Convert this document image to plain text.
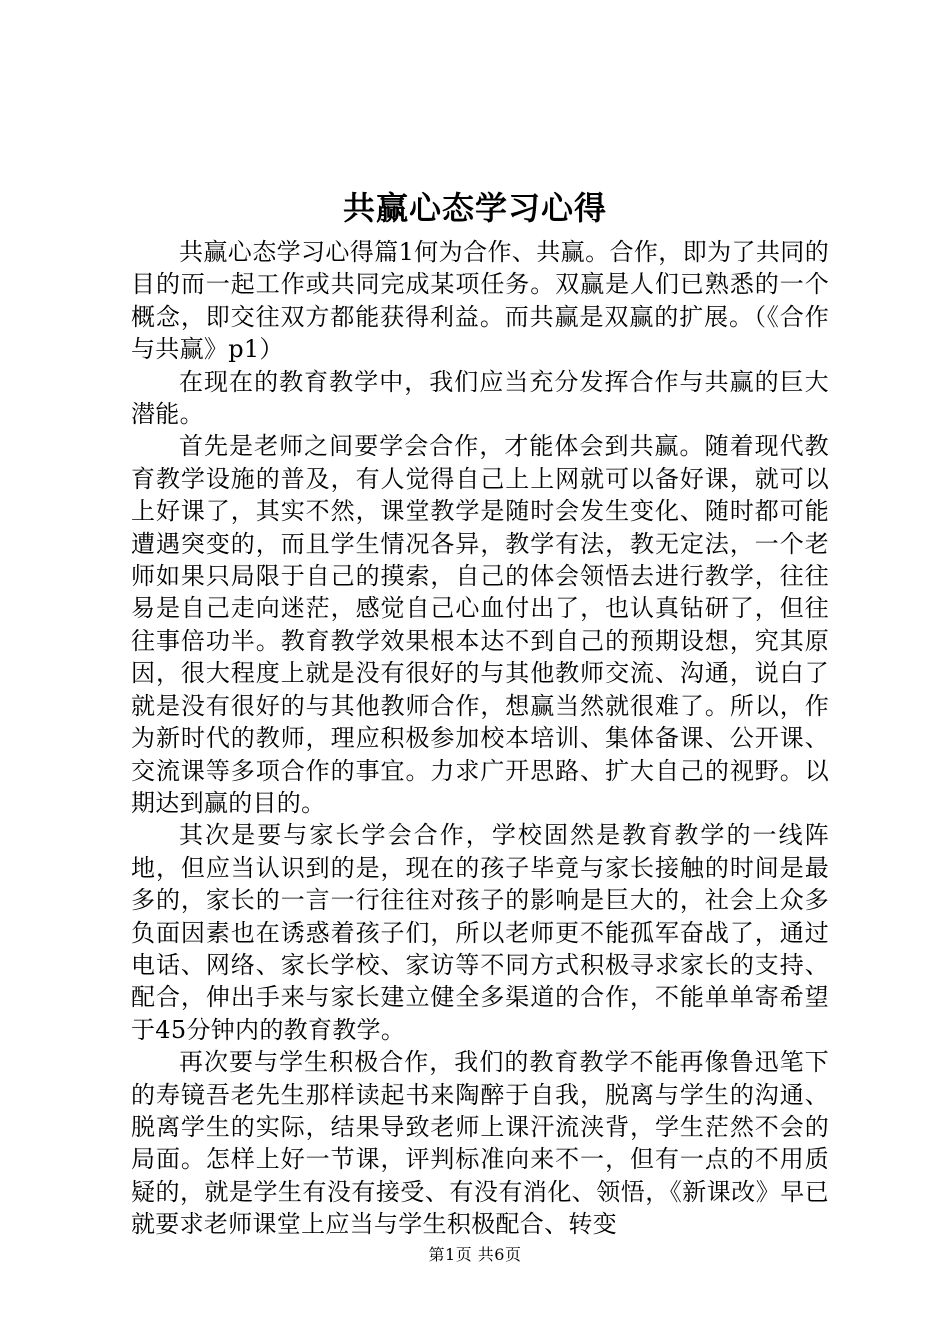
共赢心态学习心得

共赢心态学习心得篇1何为合作、共赢。合作，即为了共同的目的而一起工作或共同完成某项任务。双赢是人们已熟悉的一个概念，即交往双方都能获得利益。而共赢是双赢的扩展。（《合作与共赢》p1）

在现在的教育教学中，我们应当充分发挥合作与共赢的巨大潜能。

首先是老师之间要学会合作，才能体会到共赢。随着现代教育教学设施的普及，有人觉得自己上上网就可以备好课，就可以上好课了，其实不然，课堂教学是随时会发生变化、随时都可能遭遇突变的，而且学生情况各异，教学有法，教无定法，一个老师如果只局限于自己的摸索，自己的体会领悟去进行教学，往往易是自己走向迷茫，感觉自己心血付出了，也认真钻研了，但往往事倍功半。教育教学效果根本达不到自己的预期设想，究其原因，很大程度上就是没有很好的与其他教师交流、沟通，说白了就是没有很好的与其他教师合作，想赢当然就很难了。所以，作为新时代的教师，理应积极参加校本培训、集体备课、公开课、交流课等多项合作的事宜。力求广开思路、扩大自己的视野。以期达到赢的目的。

其次是要与家长学会合作，学校固然是教育教学的一线阵地，但应当认识到的是，现在的孩子毕竟与家长接触的时间是最多的，家长的一言一行往往对孩子的影响是巨大的，社会上众多负面因素也在诱惑着孩子们，所以老师更不能孤军奋战了，通过电话、网络、家长学校、家访等不同方式积极寻求家长的支持、配合，伸出手来与家长建立健全多渠道的合作，不能单单寄希望于45分钟内的教育教学。

再次要与学生积极合作，我们的教育教学不能再像鲁迅笔下的寿镜吾老先生那样读起书来陶醉于自我，脱离与学生的沟通、脱离学生的实际，结果导致老师上课汗流浃背，学生茫然不会的局面。怎样上好一节课，评判标准向来不一，但有一点的不用质疑的，就是学生有没有接受、有没有消化、领悟，《新课改》早已就要求老师课堂上应当与学生积极配合、转变

第1页 共6页
